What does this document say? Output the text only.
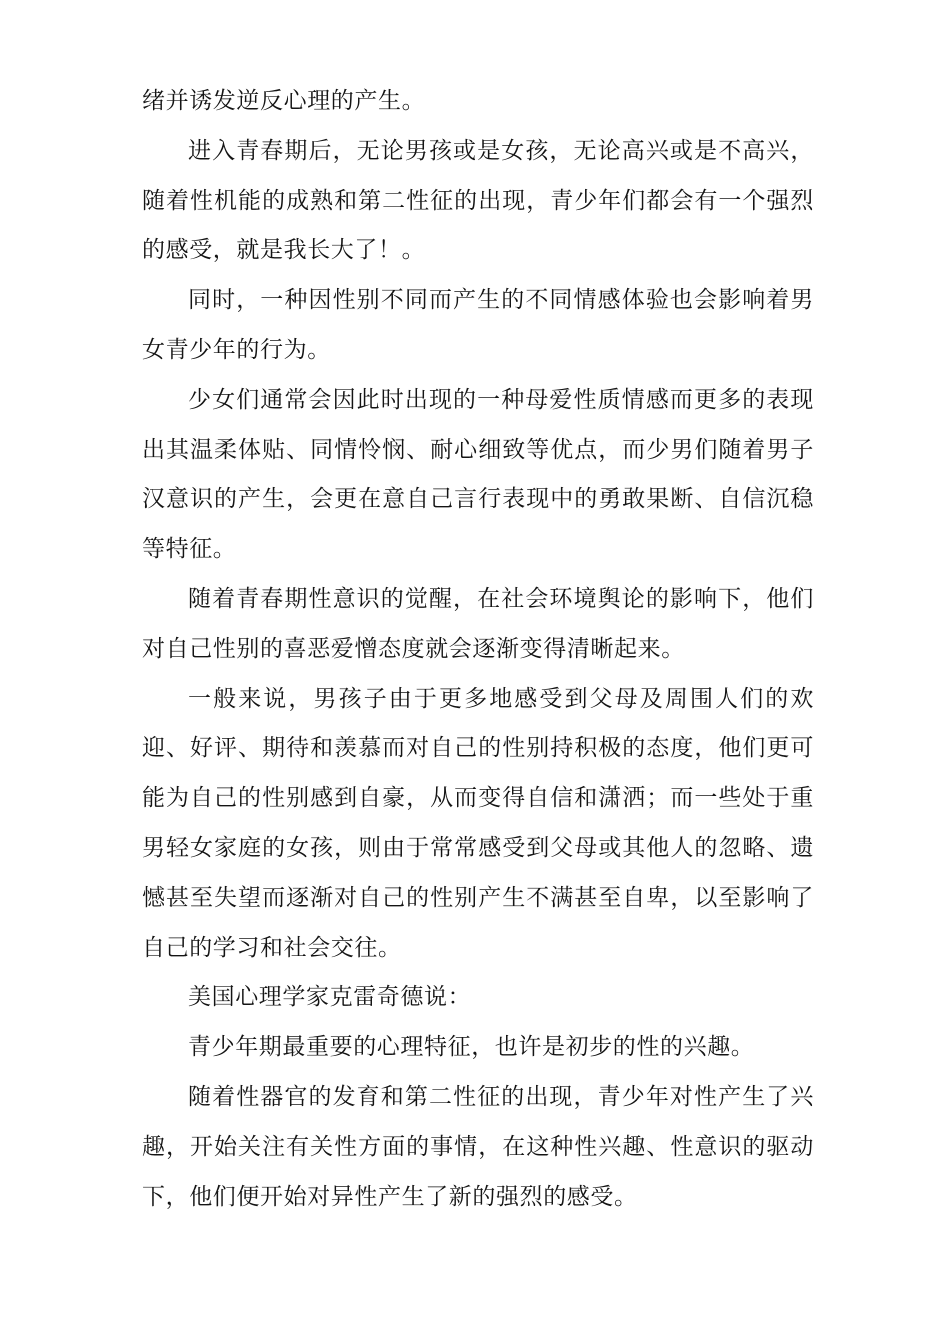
绪并诱发逆反心理的产生。

进入青春期后，无论男孩或是女孩，无论高兴或是不高兴，随着性机能的成熟和第二性征的出现，青少年们都会有一个强烈的感受，就是我长大了！。

同时，一种因性别不同而产生的不同情感体验也会影响着男女青少年的行为。

少女们通常会因此时出现的一种母爱性质情感而更多的表现出其温柔体贴、同情怜悯、耐心细致等优点，而少男们随着男子汉意识的产生，会更在意自己言行表现中的勇敢果断、自信沉稳等特征。

随着青春期性意识的觉醒，在社会环境舆论的影响下，他们对自己性别的喜恶爱憎态度就会逐渐变得清晰起来。

一般来说，男孩子由于更多地感受到父母及周围人们的欢迎、好评、期待和羡慕而对自己的性别持积极的态度，他们更可能为自己的性别感到自豪，从而变得自信和潇洒；而一些处于重男轻女家庭的女孩，则由于常常感受到父母或其他人的忽略、遗憾甚至失望而逐渐对自己的性别产生不满甚至自卑，以至影响了自己的学习和社会交往。

美国心理学家克雷奇德说：

青少年期最重要的心理特征，也许是初步的性的兴趣。

随着性器官的发育和第二性征的出现，青少年对性产生了兴趣，开始关注有关性方面的事情，在这种性兴趣、性意识的驱动下，他们便开始对异性产生了新的强烈的感受。
